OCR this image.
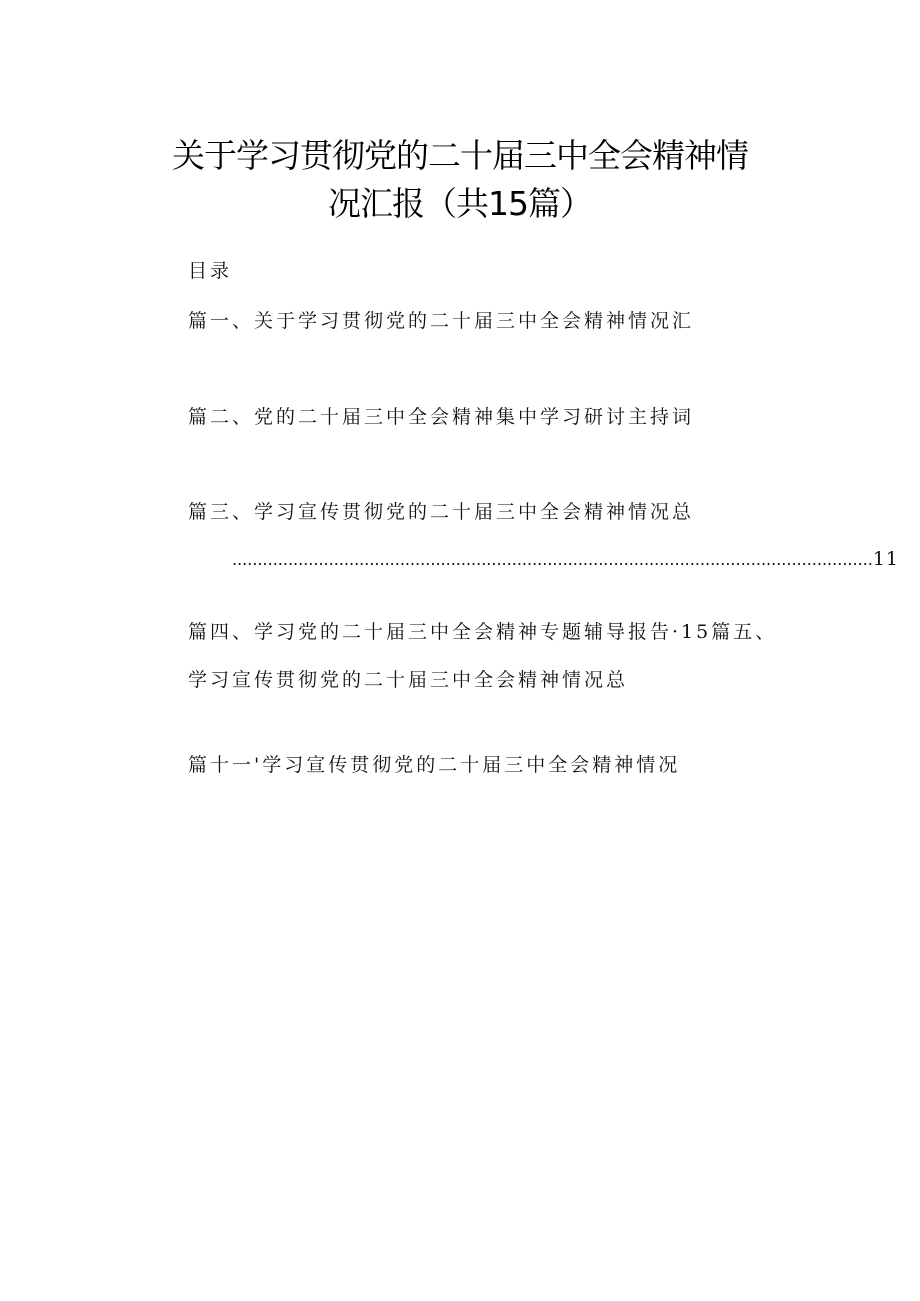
关于学习贯彻党的二十届三中全会精神情
况汇报（共15篇）
目录
篇一、关于学习贯彻党的二十届三中全会精神情况汇
篇二、党的二十届三中全会精神集中学习研讨主持词
篇三、学习宣传贯彻党的二十届三中全会精神情况总
.............................................................................................................................. 11
篇四、学习党的二十届三中全会精神专题辅导报告·15篇五、
学习宣传贯彻党的二十届三中全会精神情况总
篇十一'学习宣传贯彻党的二十届三中全会精神情况
